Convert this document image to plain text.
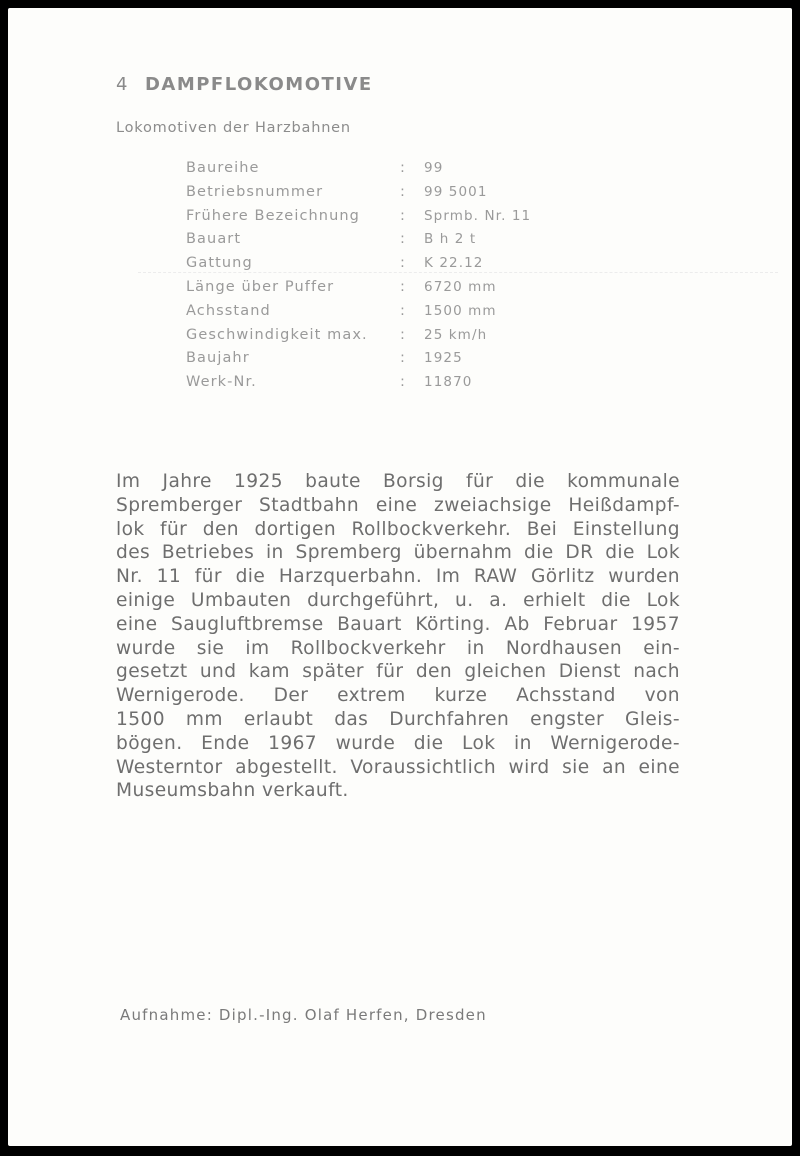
4 DAMPFLOKOMOTIVE
Lokomotiven der Harzbahnen
Baureihe	: 99
Betriebsnummer	: 99 5001
Frühere Bezeichnung	: Sprmb. Nr. 11
Bauart	: B h 2 t
Gattung	: K 22.12
Länge über Puffer	: 6720 mm
Achsstand	: 1500 mm
Geschwindigkeit max. : 25 km/h
Baujahr	: 1925
Werk-Nr.	: 11870
Im Jahre 1925 baute Borsig für die kommunale
Spremberger Stadtbahn eine zweiachsige Heißdampf-
lok für den dortigen Rollbockverkehr. Bei Einstellung
des Betriebes in Spremberg übernahm die DR die Lok
Nr. 11 für die Harzquerbahn. Im RAW Görlitz wurden
einige Umbauten durchgeführt, u. a. erhielt die Lok
eine Saugluftbremse Bauart Körting. Ab Februar 1957
wurde sie im Rollbockverkehr in Nordhausen ein-
gesetzt und kam später für den gleichen Dienst nach
Wernigerode. Der extrem kurze Achsstand von
1500 mm erlaubt das Durchfahren engster Gleis-
bögen. Ende 1967 wurde die Lok in Wernigerode-
Westerntor abgestellt. Voraussichtlich wird sie an eine
Museumsbahn verkauft.
Aufnahme: Dipl.-Ing. Olaf Herfen, Dresden
